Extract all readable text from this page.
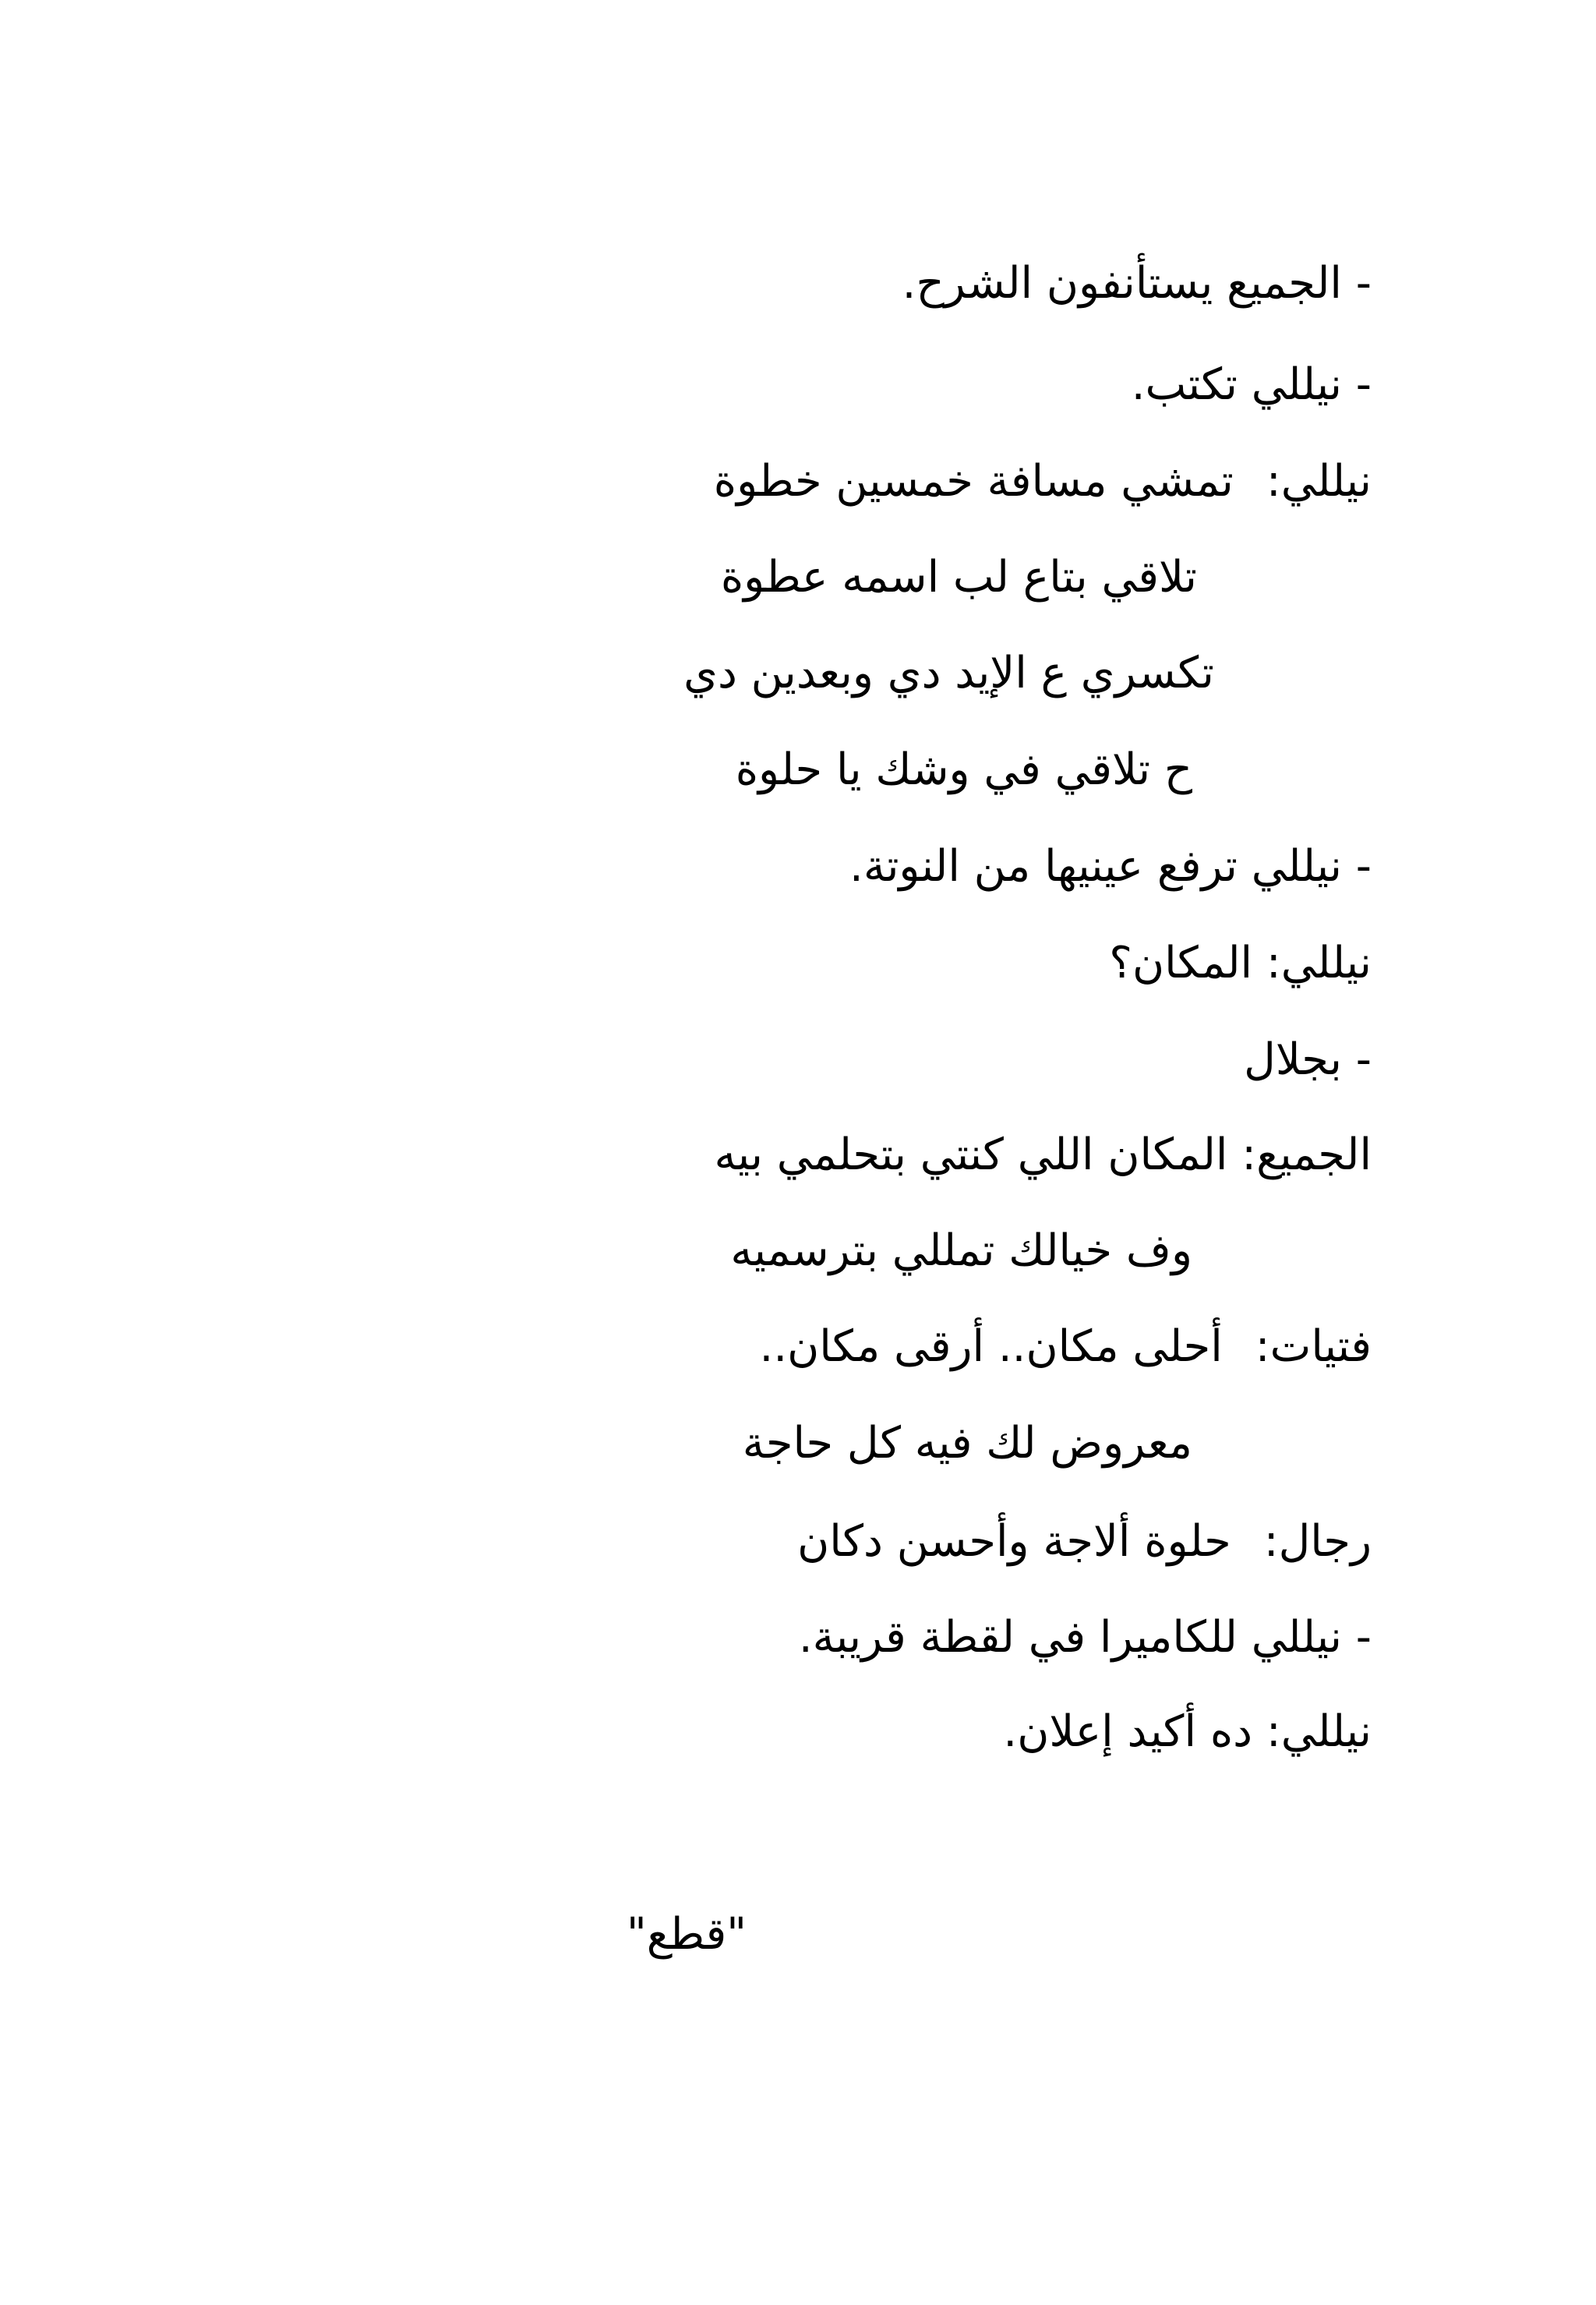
- الجميع يستأنفون الشرح.
- نيللي تكتب.
نيللي:تمشي مسافة خمسين خطوة
تلاقي بتاع لب اسمه عطوة
تكسري ع الإيد دي وبعدين دي
ح تلاقي في وشك يا حلوة
- نيللي ترفع عينيها من النوتة.
نيللي: المكان؟
- بجلال
الجميع: المكان اللي كنتي بتحلمي بيه
وف خيالك تمللي بترسميه
فتيات:أحلى مكان.. أرقى مكان..
معروض لك فيه كل حاجة
رجال:حلوة ألاجة وأحسن دكان
- نيللي للكاميرا في لقطة قريبة.
نيللي: ده أكيد إعلان.
"قطع"
